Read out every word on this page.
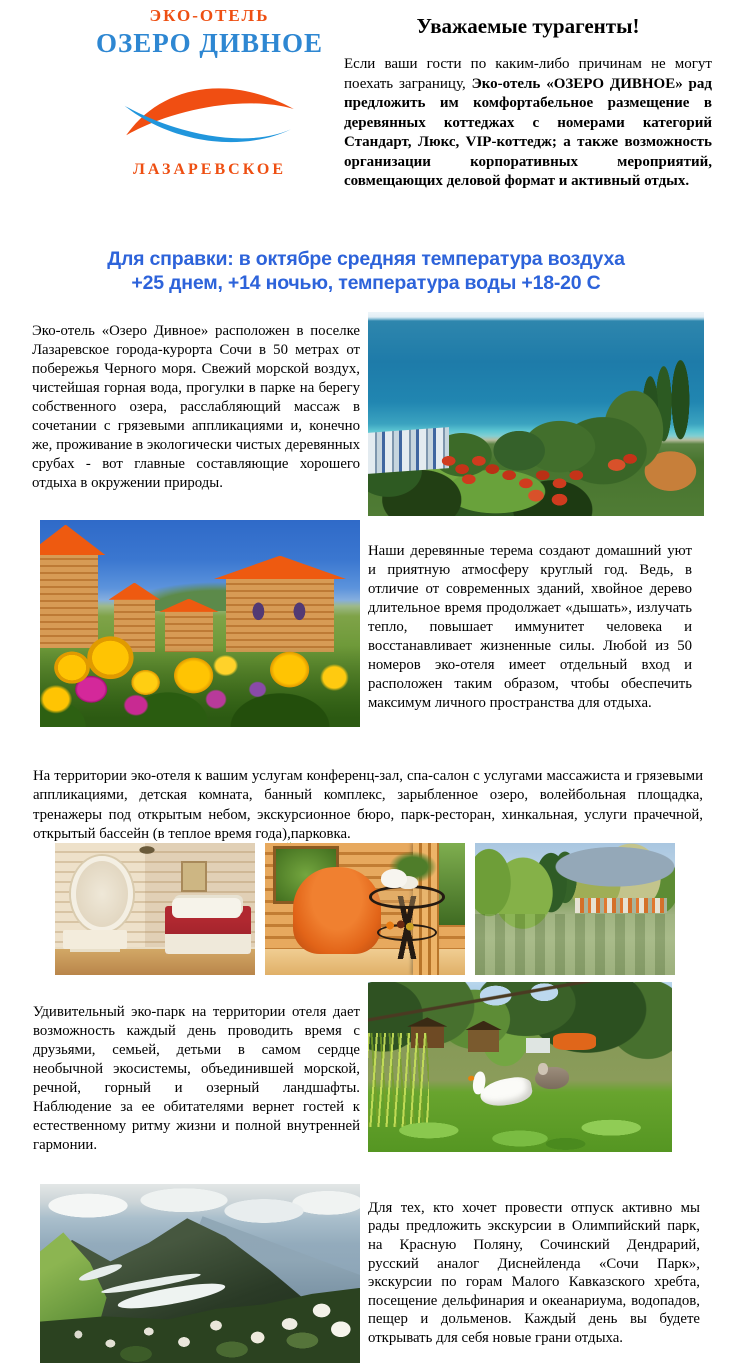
ЭКО-ОТЕЛЬ
ОЗЕРО ДИВНОЕ
ЛАЗАРЕВСКОЕ
Уважаемые турагенты!

Если ваши гости по каким-либо причинам не могут поехать заграницу, Эко-отель «ОЗЕРО ДИВНОЕ» рад предложить им комфортабельное размещение в деревянных коттеджах с номерами категорий Стандарт, Люкс, VIP-коттедж; а также возможность организации корпоративных мероприятий, совмещающих деловой формат и активный отдых.

Для справки: в октябре средняя температура воздуха
+25 днем, +14 ночью, температура воды +18-20 С

Эко-отель «Озеро Дивное» расположен в поселке Лазаревское города-курорта Сочи в 50 метрах от побережья Черного моря. Свежий морской воздух, чистейшая горная вода, прогулки в парке на берегу собственного озера, расслабляющий массаж в сочетании с грязевыми аппликациями и, конечно же, проживание в экологически чистых деревянных срубах - вот главные составляющие хорошего отдыха в окружении природы.

Наши деревянные терема создают домашний уют и приятную атмосферу круглый год. Ведь, в отличие от современных зданий, хвойное дерево длительное время продолжает «дышать», излучать тепло, повышает иммунитет человека и восстанавливает жизненные силы. Любой из 50 номеров эко-отеля имеет отдельный вход и расположен таким образом, чтобы обеспечить максимум личного пространства для отдыха.

На территории эко-отеля к вашим услугам конференц-зал, спа-салон с услугами массажиста и грязевыми аппликациями, детская комната, банный комплекс, зарыбленное озеро, волейбольная площадка, тренажеры под открытым небом, экскурсионное бюро, парк-ресторан, хинкальная, услуги прачечной, открытый бассейн (в теплое время года),парковка.

Удивительный эко-парк на территории отеля дает возможность каждый день проводить время с друзьями, семьей, детьми в самом сердце необычной экосистемы, объединившей морской, речной, горный и озерный ландшафты. Наблюдение за ее обитателями вернет гостей к естественному ритму жизни и полной внутренней гармонии.

Для тех, кто хочет провести отпуск активно мы рады предложить экскурсии в Олимпийский парк, на Красную Поляну, Сочинский Дендрарий, русский аналог Диснейленда «Сочи Парк», экскурсии по горам Малого Кавказского хребта, посещение дельфинария и океанариума, водопадов, пещер и дольменов. Каждый день вы будете открывать для себя новые грани отдыха.
